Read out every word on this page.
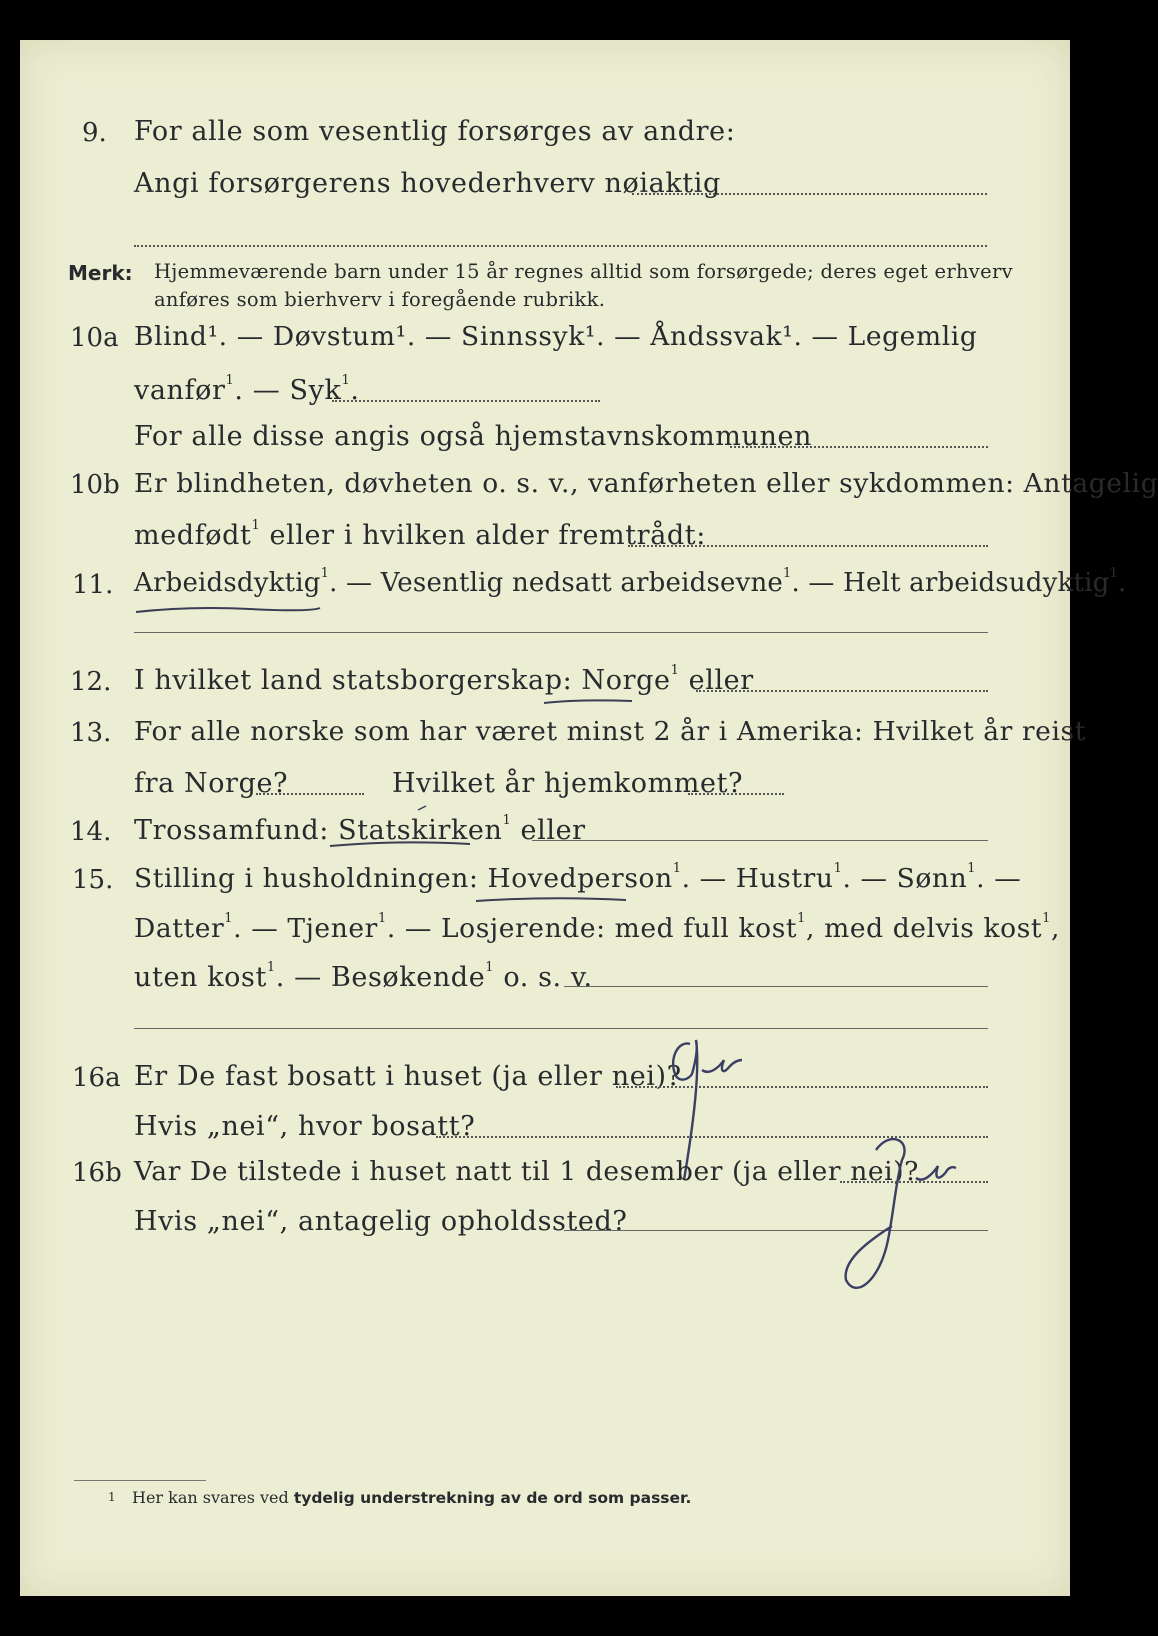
9. For alle som vesentlig forsørges av andre:
Angi forsørgerens hovederhverv nøiaktig
Merk: Hjemmeværende barn under 15 år regnes alltid som forsørgede; deres eget erhverv
anføres som bierhverv i foregående rubrikk.
10a Blind¹. — Døvstum¹. — Sinnssyk¹. — Åndssvak¹. — Legemlig
vanfør$^1$. — Syk$^1$.
For alle disse angis også hjemstavnskommunen
10b Er blindheten, døvheten o. s. v., vanførheten eller sykdommen: Antagelig
medfødt$^1$ eller i hvilken alder fremtrådt:
11. Arbeidsdyktig$^1$. — Vesentlig nedsatt arbeidsevne$^1$. — Helt arbeidsudyktig$^1$.
12. I hvilket land statsborgerskap: Norge$^1$ eller
13. For alle norske som har været minst 2 år i Amerika: Hvilket år reist
fra Norge?	Hvilket år hjemkommet?
14. Trossamfund: Statskirken$^1$ eller
15. Stilling i husholdningen: Hovedperson$^1$. — Hustru$^1$. — Sønn$^1$. —
Datter$^1$. — Tjener$^1$. — Losjerende: med full kost$^1$, med delvis kost$^1$,
uten kost$^1$. — Besøkende$^1$ o. s. v.
16a Er De fast bosatt i huset (ja eller nei)?
Hvis „nei“, hvor bosatt?
16b Var De tilstede i huset natt til 1 desember (ja eller nei)?
Hvis „nei“, antagelig opholdssted?
1 Her kan svares ved tydelig understrekning av de ord som passer.
